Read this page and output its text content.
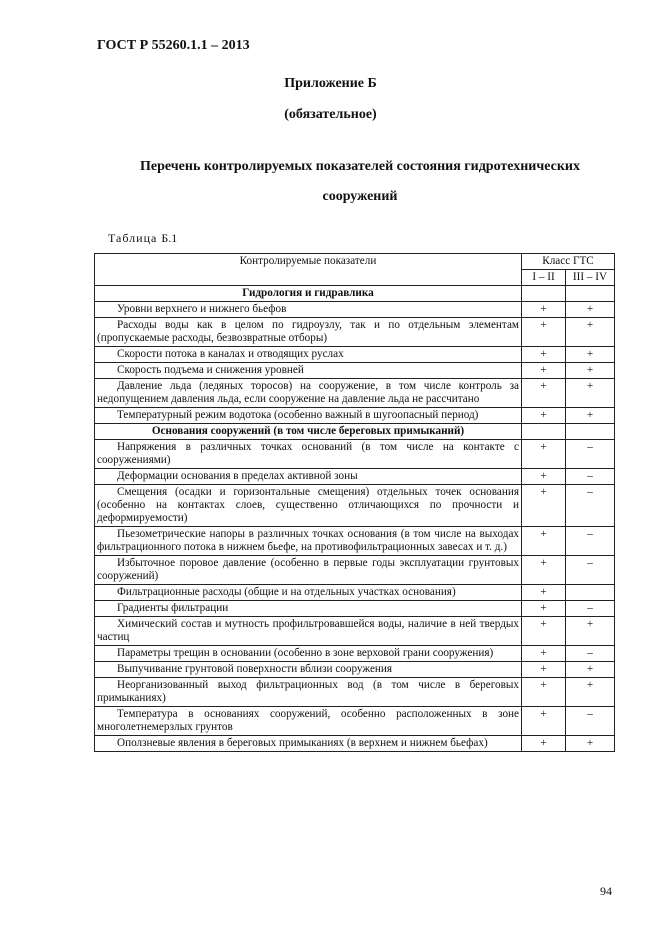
ГОСТ Р 55260.1.1 – 2013
Приложение Б
(обязательное)
Перечень контролируемых показателей состояния гидротехнических
сооружений
Таблица Б.1
Контролируемые показатели	Класс ГТС	
	I – II	III – IV
Гидрология и гидравлика		
Уровни верхнего и нижнего бьефов	+	+
Расходы воды как в целом по гидроузлу, так и по отдельным элементам (пропускаемые расходы, безвозвратные отборы)	+	+
Скорости потока в каналах и отводящих руслах	+	+
Скорость подъема и снижения уровней	+	+
Давление льда (ледяных торосов) на сооружение, в том числе контроль за недопущением давления льда, если сооружение на давление льда не рассчитано	+	+
Температурный режим водотока (особенно важный в шугоопасный период)	+	+
Основания сооружений (в том числе береговых примыканий)		
Напряжения в различных точках оснований (в том числе на контакте с сооружениями)	+	–
Деформации основания в пределах активной зоны	+	–
Смещения (осадки и горизонтальные смещения) отдельных точек основания (особенно на контактах слоев, существенно отличающихся по прочности и деформируемости)	+	–
Пьезометрические напоры в различных точках основания (в том числе на выходах фильтрационного потока в нижнем бьефе, на противофильтрационных завесах и т. д.)	+	–
Избыточное поровое давление (особенно в первые годы эксплуатации грунтовых сооружений)	+	–
Фильтрационные расходы (общие и на отдельных участках основания)	+	
Градиенты фильтрации	+	–
Химический состав и мутность профильтровавшейся воды, наличие в ней твердых частиц	+	+
Параметры трещин в основании (особенно в зоне верховой грани сооружения)	+	–
Выпучивание грунтовой поверхности вблизи сооружения	+	+
Неорганизованный выход фильтрационных вод (в том числе в береговых примыканиях)	+	+
Температура в основаниях сооружений, особенно расположенных в зоне многолетнемерзлых грунтов	+	–
Оползневые явления в береговых примыканиях (в верхнем и нижнем бьефах)	+	+
94
